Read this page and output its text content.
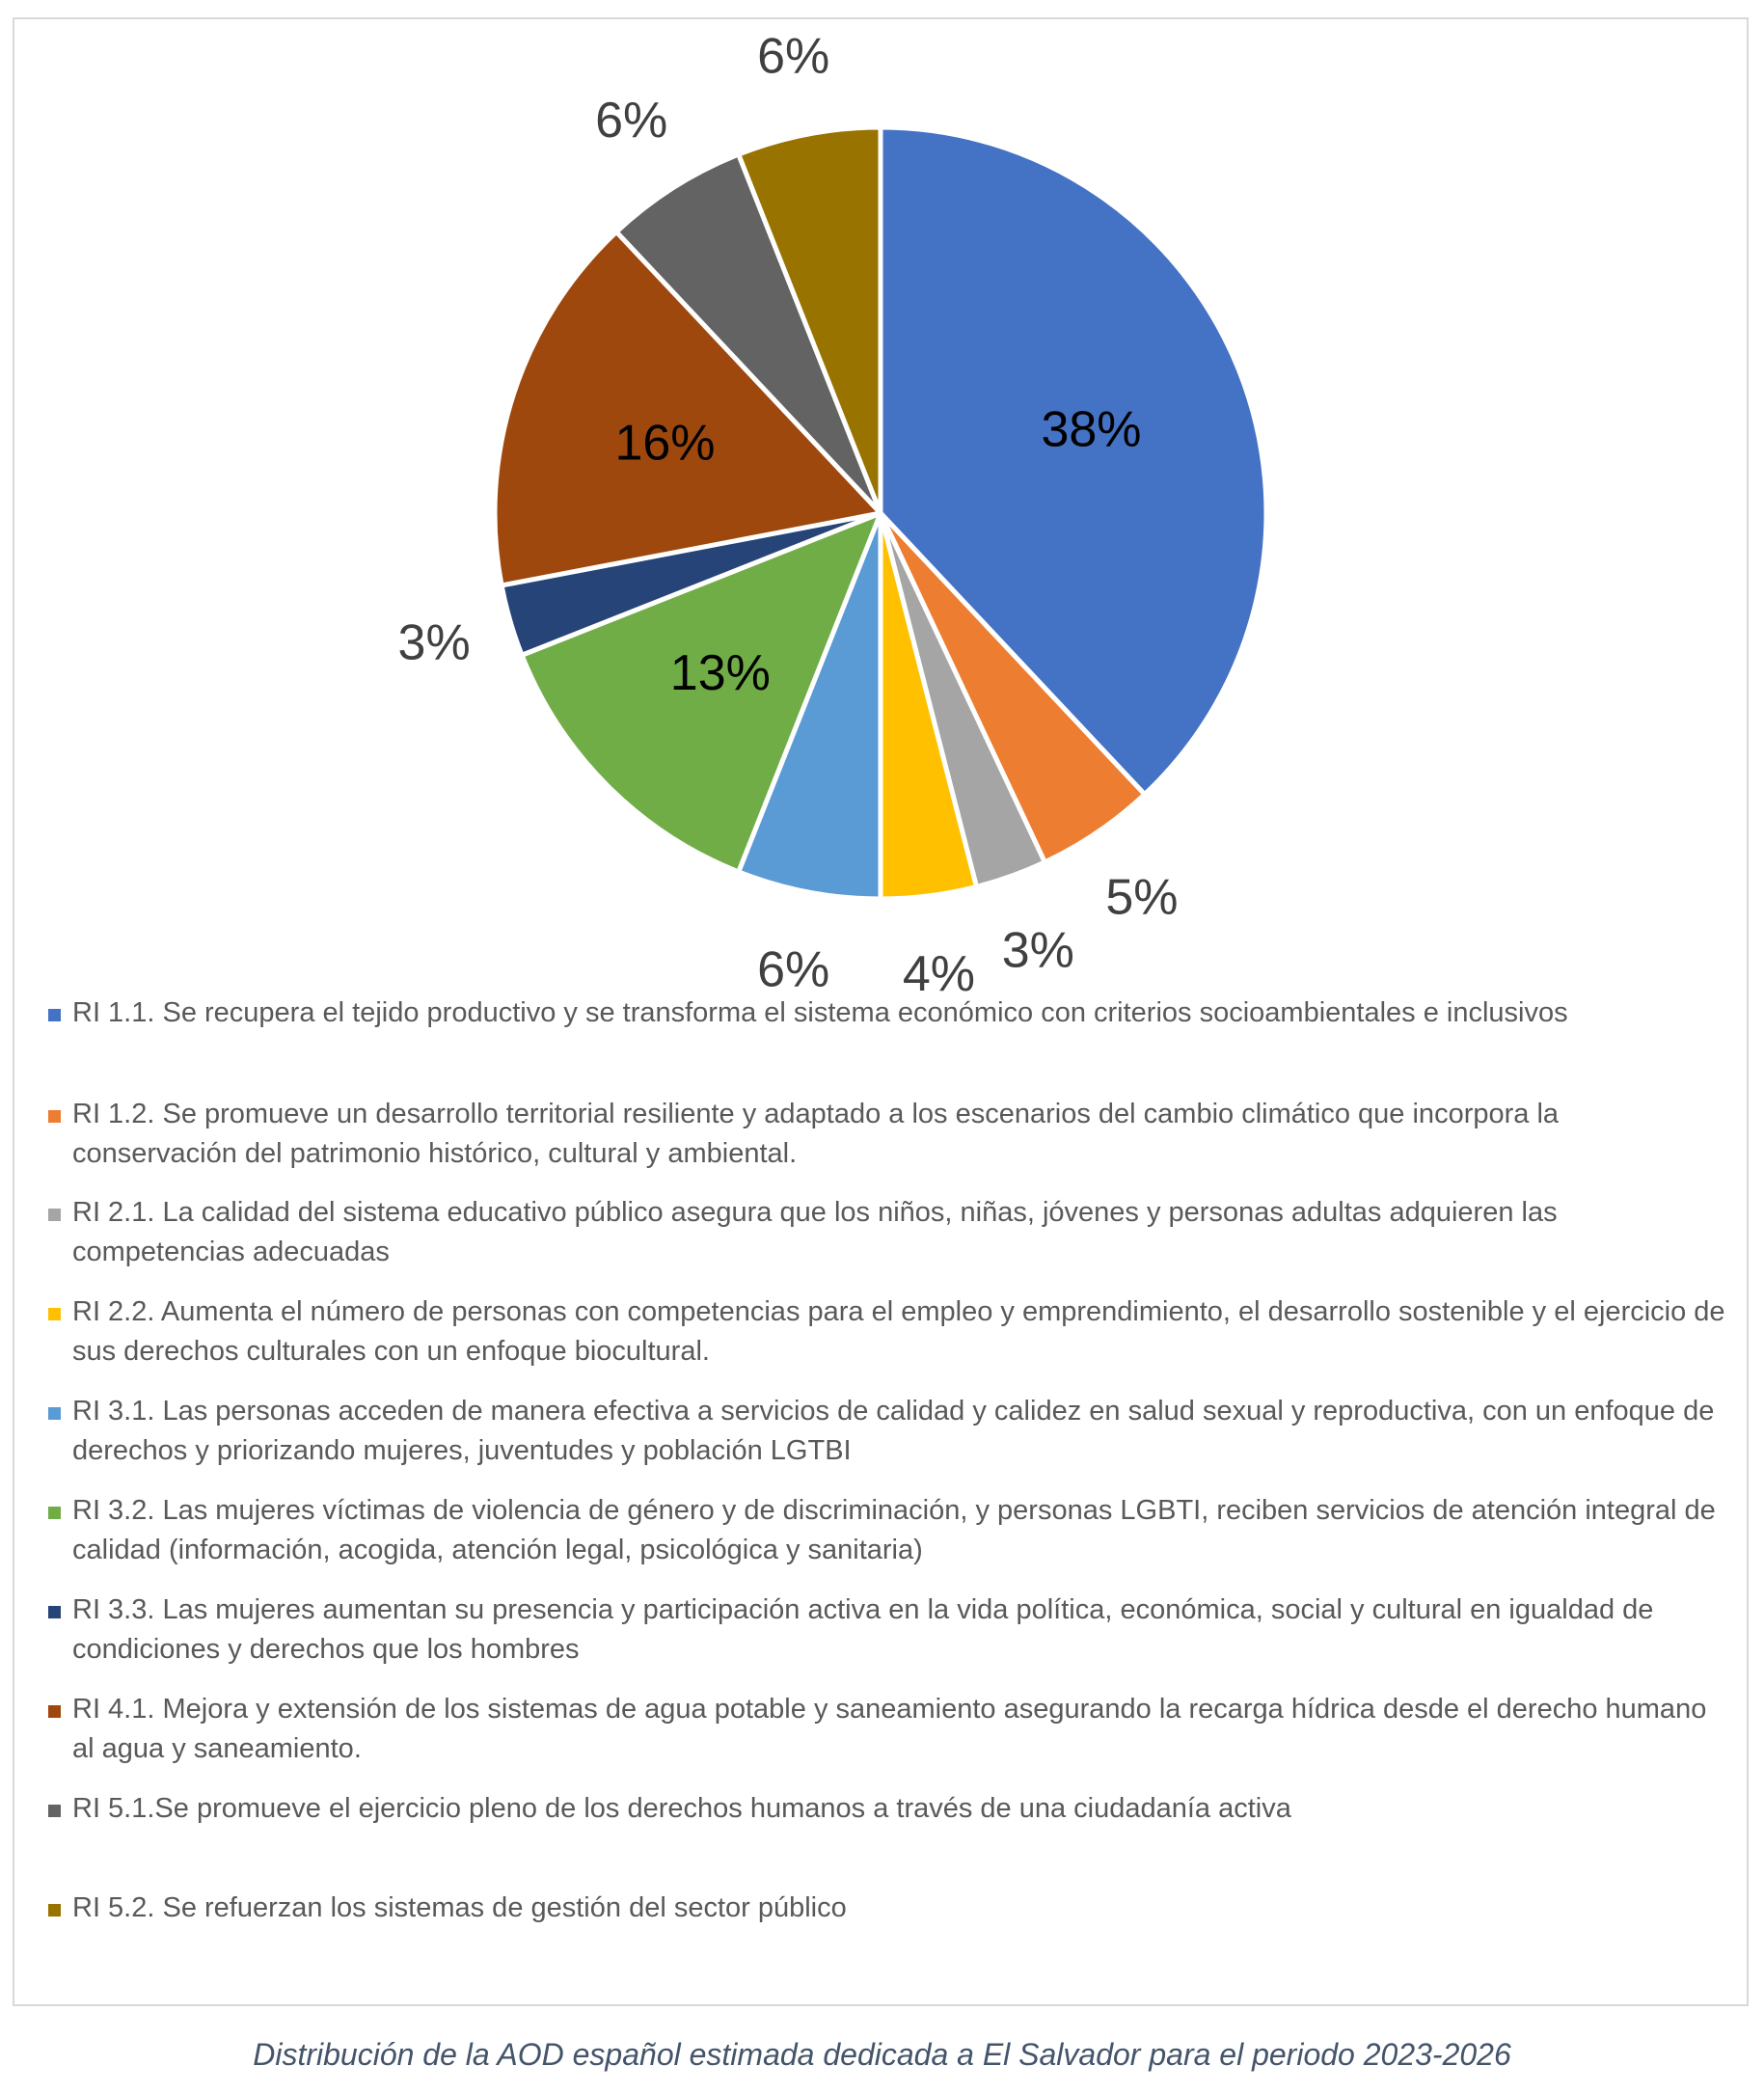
38%
5%
3%
4%
6%
13%
3%
16%
6%
6%
RI 1.1. Se recupera el tejido productivo y se transforma el sistema económico con criterios socioambientales e inclusivos
RI 1.2. Se promueve un desarrollo territorial resiliente y adaptado a los escenarios del cambio climático que incorpora la conservación del patrimonio histórico, cultural y ambiental.
RI 2.1. La calidad del sistema educativo público asegura que los niños, niñas, jóvenes y personas adultas adquieren las competencias adecuadas
RI 2.2. Aumenta el número de personas con competencias para el empleo y emprendimiento, el desarrollo sostenible y el ejercicio de sus derechos culturales con un enfoque biocultural.
RI 3.1. Las personas acceden de manera efectiva a servicios de calidad y calidez en salud sexual y reproductiva, con un enfoque de derechos y priorizando mujeres, juventudes y población LGTBI
RI 3.2. Las mujeres víctimas de violencia de género y de discriminación, y personas LGBTI, reciben servicios de atención integral de calidad (información, acogida, atención legal, psicológica y sanitaria)
RI 3.3. Las mujeres aumentan su presencia y participación activa en la vida política, económica, social y cultural en igualdad de condiciones y derechos que los hombres
RI 4.1. Mejora y extensión de los sistemas de agua potable y saneamiento asegurando la recarga hídrica desde el derecho humano al agua y saneamiento.
RI 5.1.Se promueve el ejercicio pleno de los derechos humanos a través de una ciudadanía activa
RI 5.2. Se refuerzan los sistemas de gestión del sector público
Distribución de la AOD español estimada dedicada a El Salvador para el periodo 2023-2026
